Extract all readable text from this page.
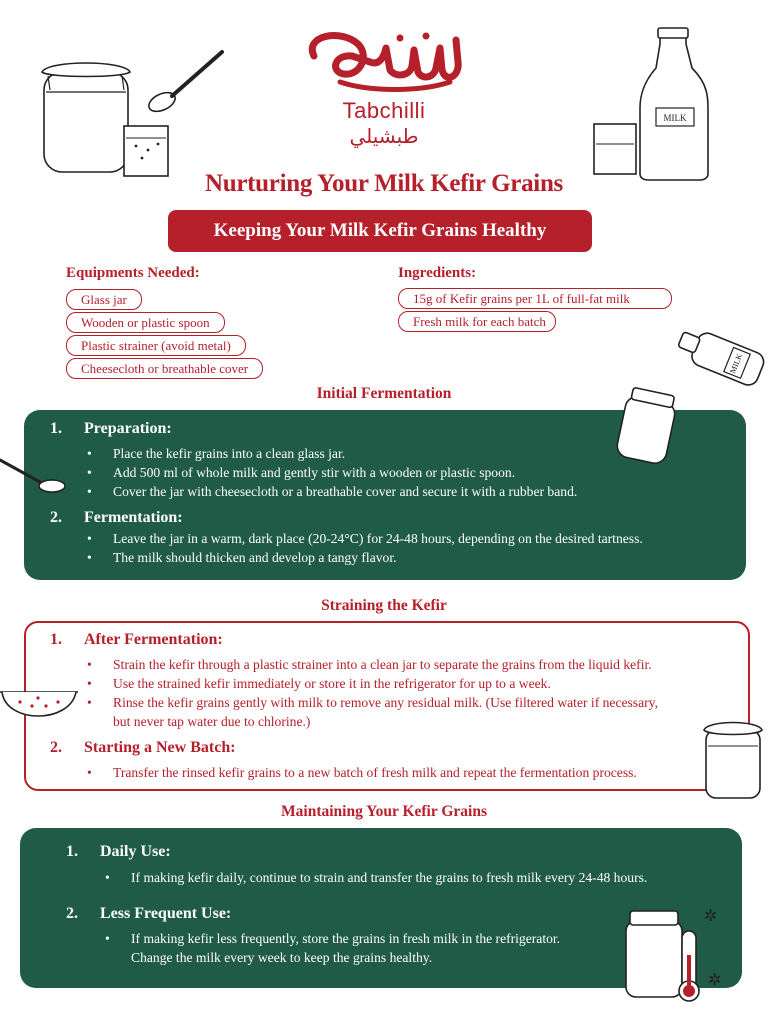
Tabchilli
طبشيلي
MILK
Nurturing Your Milk Kefir Grains
Keeping Your Milk Kefir Grains Healthy
Equipments Needed:
Glass jar
Wooden or plastic spoon
Plastic strainer (avoid metal)
Cheesecloth or breathable cover
Ingredients:
15g of Kefir grains per 1L of full-fat milk
Fresh milk for each batch
MILK
Initial Fermentation
1. Preparation:
• Place the kefir grains into a clean glass jar.
• Add 500 ml of whole milk and gently stir with a wooden or plastic spoon.
• Cover the jar with cheesecloth or a breathable cover and secure it with a rubber band.
2. Fermentation:
• Leave the jar in a warm, dark place (20-24°C) for 24-48 hours, depending on the desired tartness.
• The milk should thicken and develop a tangy flavor.
Straining the Kefir
1. After Fermentation:
• Strain the kefir through a plastic strainer into a clean jar to separate the grains from the liquid kefir.
• Use the strained kefir immediately or store it in the refrigerator for up to a week.
• Rinse the kefir grains gently with milk to remove any residual milk. (Use filtered water if necessary,
but never tap water due to chlorine.)
2. Starting a New Batch:
• Transfer the rinsed kefir grains to a new batch of fresh milk and repeat the fermentation process.
Maintaining Your Kefir Grains
1. Daily Use:
• If making kefir daily, continue to strain and transfer the grains to fresh milk every 24-48 hours.
2. Less Frequent Use:
• If making kefir less frequently, store the grains in fresh milk in the refrigerator.
Change the milk every week to keep the grains healthy.
✲
✲
